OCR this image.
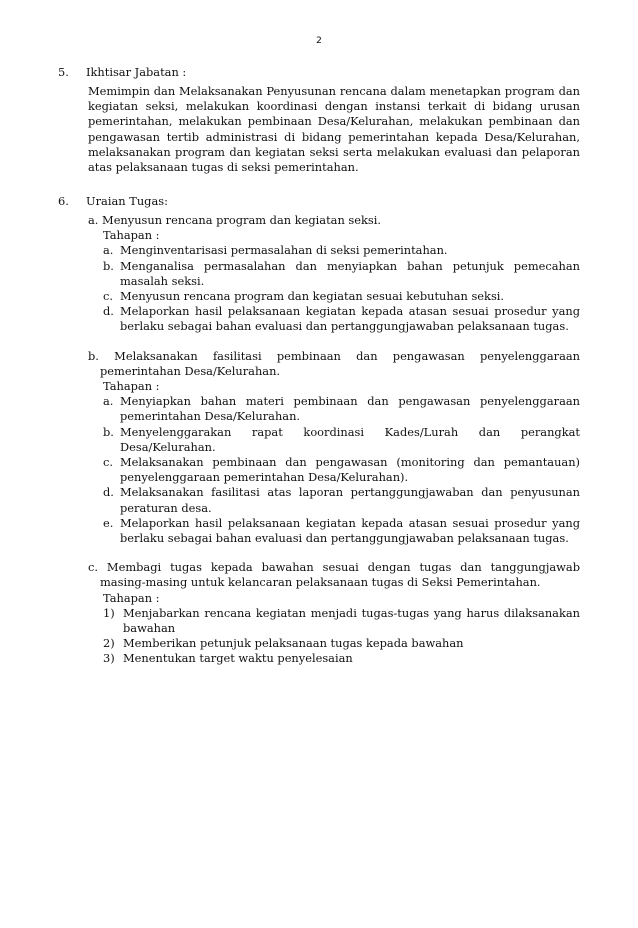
2
5. Ikhtisar Jabatan :
Memimpin dan Melaksanakan Penyusunan rencana dalam menetapkan program dan kegiatan seksi, melakukan koordinasi dengan instansi terkait di bidang urusan pemerintahan, melakukan pembinaan Desa/Kelurahan, melakukan pembinaan dan pengawasan tertib administrasi di bidang pemerintahan kepada Desa/Kelurahan, melaksanakan program dan kegiatan seksi serta melakukan evaluasi dan pelaporan atas pelaksanaan tugas di seksi pemerintahan.
6. Uraian Tugas:
a. Menyusun rencana program dan kegiatan seksi.
Tahapan :
a. Menginventarisasi permasalahan di seksi pemerintahan.
b. Menganalisa permasalahan dan menyiapkan bahan petunjuk pemecahan masalah seksi.
c. Menyusun rencana program dan kegiatan sesuai kebutuhan seksi.
d. Melaporkan hasil pelaksanaan kegiatan kepada atasan sesuai prosedur yang berlaku sebagai bahan evaluasi dan pertanggungjawaban pelaksanaan tugas.
b. Melaksanakan fasilitasi pembinaan dan pengawasan penyelenggaraan pemerintahan Desa/Kelurahan.
Tahapan :
a. Menyiapkan bahan materi pembinaan dan pengawasan penyelenggaraan pemerintahan Desa/Kelurahan.
b. Menyelenggarakan rapat koordinasi Kades/Lurah dan perangkat Desa/Kelurahan.
c. Melaksanakan pembinaan dan pengawasan (monitoring dan pemantauan) penyelenggaraan pemerintahan Desa/Kelurahan).
d. Melaksanakan fasilitasi atas laporan pertanggungjawaban dan penyusunan peraturan desa.
e. Melaporkan hasil pelaksanaan kegiatan kepada atasan sesuai prosedur yang berlaku sebagai bahan evaluasi dan pertanggungjawaban pelaksanaan tugas.
c. Membagi tugas kepada bawahan sesuai dengan tugas dan tanggungjawab masing-masing untuk kelancaran pelaksanaan tugas di Seksi Pemerintahan.
Tahapan :
1) Menjabarkan rencana kegiatan menjadi tugas-tugas yang harus dilaksanakan bawahan
2) Memberikan petunjuk pelaksanaan tugas kepada bawahan
3) Menentukan target waktu penyelesaian
